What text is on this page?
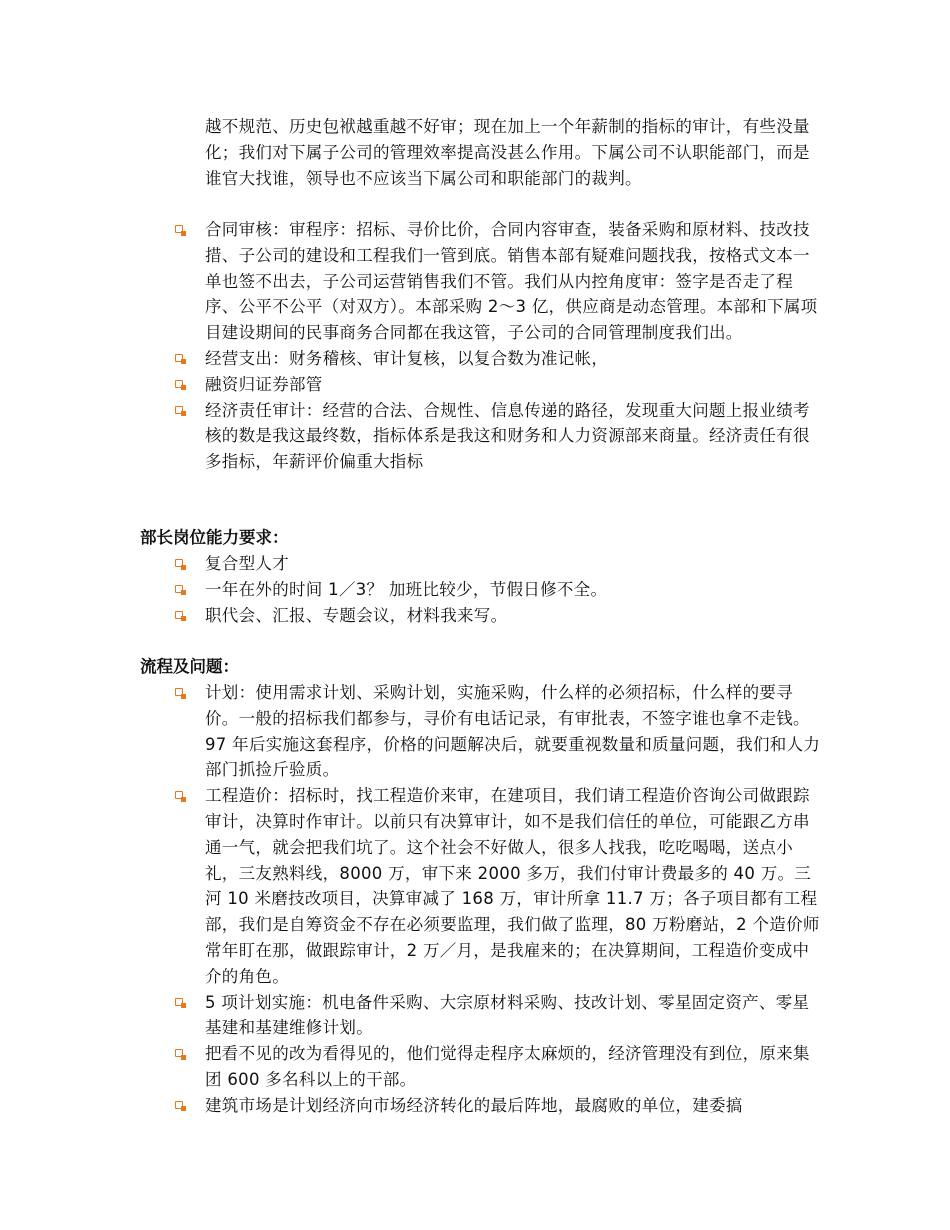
越不规范、历史包袱越重越不好审；现在加上一个年薪制的指标的审计，有些没量化；我们对下属子公司的管理效率提高没甚么作用。下属公司不认职能部门，而是谁官大找谁，领导也不应该当下属公司和职能部门的裁判。
合同审核：审程序：招标、寻价比价，合同内容审查，装备采购和原材料、技改技措、子公司的建设和工程我们一管到底。销售本部有疑难问题找我，按格式文本一单也签不出去，子公司运营销售我们不管。我们从内控角度审：签字是否走了程序、公平不公平（对双方）。本部采购 2～3 亿，供应商是动态管理。本部和下属项目建设期间的民事商务合同都在我这管，子公司的合同管理制度我们出。
经营支出：财务稽核、审计复核，以复合数为准记帐，
融资归证券部管
经济责任审计：经营的合法、合规性、信息传递的路径，发现重大问题上报业绩考核的数是我这最终数，指标体系是我这和财务和人力资源部来商量。经济责任有很多指标，年薪评价偏重大指标
部长岗位能力要求：
复合型人才
一年在外的时间 1／3？ 加班比较少，节假日修不全。
职代会、汇报、专题会议，材料我来写。
流程及问题：
计划：使用需求计划、采购计划，实施采购，什么样的必须招标，什么样的要寻价。一般的招标我们都参与，寻价有电话记录，有审批表，不签字谁也拿不走钱。97 年后实施这套程序，价格的问题解决后，就要重视数量和质量问题，我们和人力部门抓捡斤验质。
工程造价：招标时，找工程造价来审，在建项目，我们请工程造价咨询公司做跟踪审计，决算时作审计。以前只有决算审计，如不是我们信任的单位，可能跟乙方串通一气，就会把我们坑了。这个社会不好做人，很多人找我，吃吃喝喝，送点小礼，三友熟料线，8000 万，审下来 2000 多万，我们付审计费最多的 40 万。三河 10 米磨技改项目，决算审减了 168 万，审计所拿 11.7 万；各子项目都有工程部，我们是自筹资金不存在必须要监理，我们做了监理，80 万粉磨站，2 个造价师常年盯在那，做跟踪审计，2 万／月，是我雇来的；在决算期间，工程造价变成中介的角色。
5 项计划实施：机电备件采购、大宗原材料采购、技改计划、零星固定资产、零星基建和基建维修计划。
把看不见的改为看得见的，他们觉得走程序太麻烦的，经济管理没有到位，原来集团 600 多名科以上的干部。
建筑市场是计划经济向市场经济转化的最后阵地，最腐败的单位，建委搞
